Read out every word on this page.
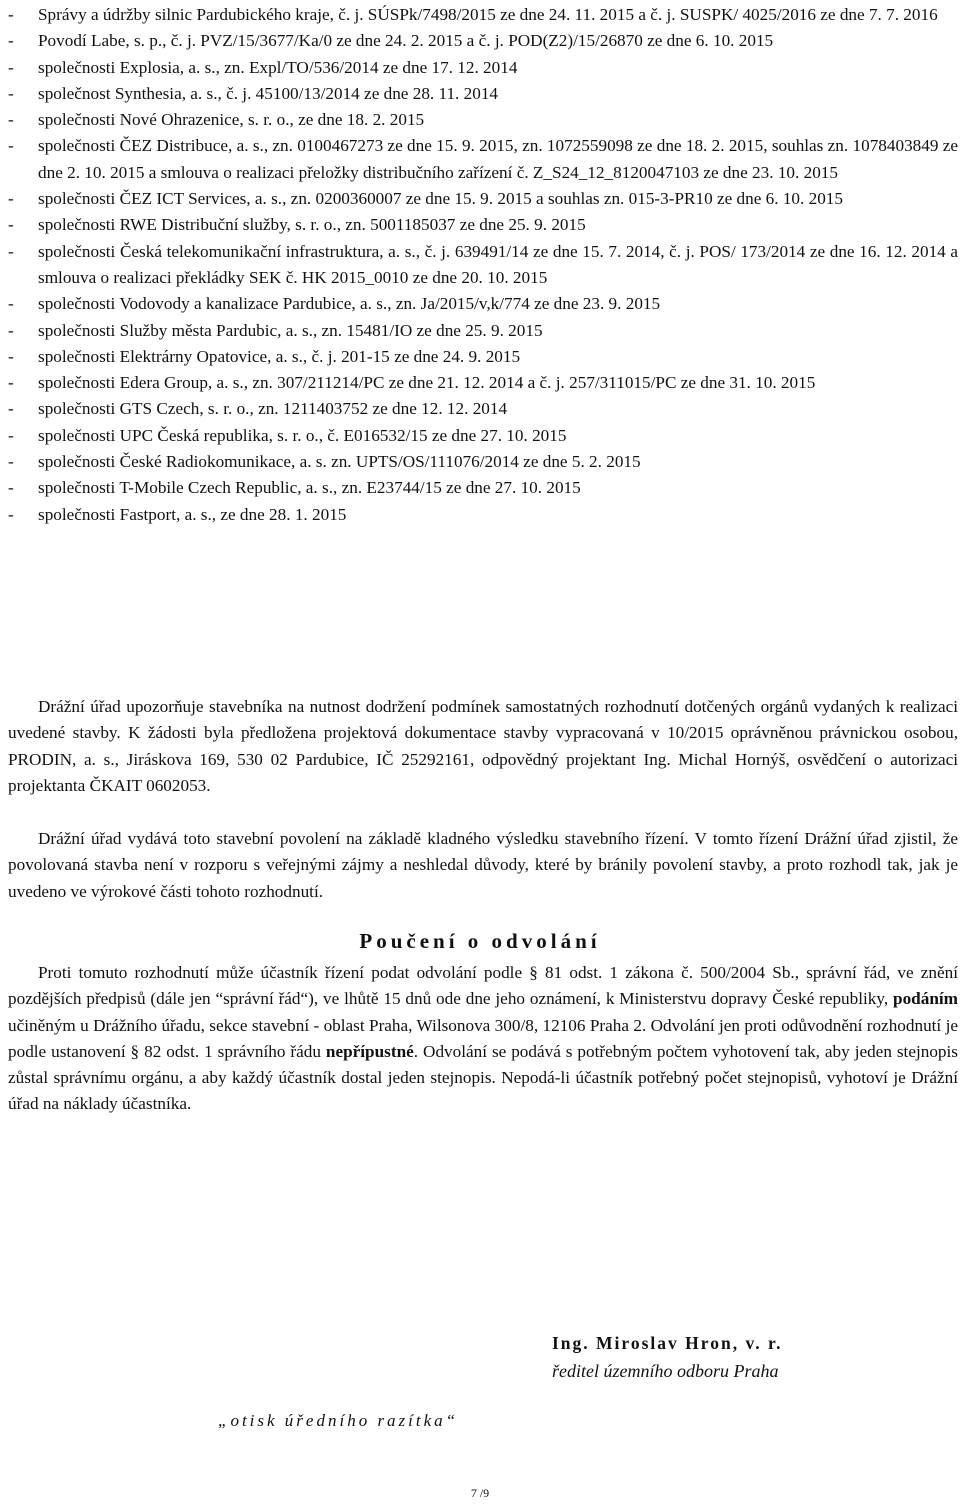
- Správy a údržby silnic Pardubického kraje, č. j. SÚSPk/7498/2015 ze dne 24. 11. 2015 a č. j. SUSPK/ 4025/2016 ze dne 7. 7. 2016
- Povodí Labe, s. p., č. j. PVZ/15/3677/Ka/0 ze dne 24. 2. 2015 a č. j. POD(Z2)/15/26870 ze dne 6. 10. 2015
- společnosti Explosia, a. s., zn. Expl/TO/536/2014 ze dne 17. 12. 2014
- společnost Synthesia, a. s., č. j. 45100/13/2014 ze dne 28. 11. 2014
- společnosti Nové Ohrazenice, s. r. o., ze dne 18. 2. 2015
- společnosti ČEZ Distribuce, a. s., zn. 0100467273 ze dne 15. 9. 2015, zn. 1072559098 ze dne 18. 2. 2015, souhlas zn. 1078403849 ze dne 2. 10. 2015 a smlouva o realizaci přeložky distribučního zařízení č. Z_S24_12_8120047103 ze dne 23. 10. 2015
- společnosti ČEZ ICT Services, a. s., zn. 0200360007 ze dne 15. 9. 2015 a souhlas zn. 015-3-PR10 ze dne 6. 10. 2015
- společnosti RWE Distribuční služby, s. r. o., zn. 5001185037 ze dne 25. 9. 2015
- společnosti Česká telekomunikační infrastruktura, a. s., č. j. 639491/14 ze dne 15. 7. 2014, č. j. POS/ 173/2014 ze dne 16. 12. 2014 a smlouva o realizaci překládky SEK č. HK 2015_0010 ze dne 20. 10. 2015
- společnosti Vodovody a kanalizace Pardubice, a. s., zn. Ja/2015/v,k/774 ze dne 23. 9. 2015
- společnosti Služby města Pardubic, a. s., zn. 15481/IO ze dne 25. 9. 2015
- společnosti Elektrárny Opatovice, a. s., č. j. 201-15 ze dne 24. 9. 2015
- společnosti Edera Group, a. s., zn. 307/211214/PC ze dne 21. 12. 2014 a č. j. 257/311015/PC ze dne 31. 10. 2015
- společnosti GTS Czech, s. r. o., zn. 1211403752 ze dne 12. 12. 2014
- společnosti UPC Česká republika, s. r. o., č. E016532/15 ze dne 27. 10. 2015
- společnosti České Radiokomunikace, a. s. zn. UPTS/OS/111076/2014 ze dne 5. 2. 2015
- společnosti T-Mobile Czech Republic, a. s., zn. E23744/15 ze dne 27. 10. 2015
- společnosti Fastport, a. s., ze dne 28. 1. 2015

Drážní úřad upozorňuje stavebníka na nutnost dodržení podmínek samostatných rozhodnutí dotčených orgánů vydaných k realizaci uvedené stavby. K žádosti byla předložena projektová dokumentace stavby vypracovaná v 10/2015 oprávněnou právnickou osobou, PRODIN, a. s., Jiráskova 169, 530 02 Pardubice, IČ 25292161, odpovědný projektant Ing. Michal Hornýš, osvědčení o autorizaci projektanta ČKAIT 0602053.

Drážní úřad vydává toto stavební povolení na základě kladného výsledku stavebního řízení. V tomto řízení Drážní úřad zjistil, že povolovaná stavba není v rozporu s veřejnými zájmy a neshledal důvody, které by bránily povolení stavby, a proto rozhodl tak, jak je uvedeno ve výrokové části tohoto rozhodnutí.

Poučení o odvolání

Proti tomuto rozhodnutí může účastník řízení podat odvolání podle § 81 odst. 1 zákona č. 500/2004 Sb., správní řád, ve znění pozdějších předpisů (dále jen “správní řád“), ve lhůtě 15 dnů ode dne jeho oznámení, k Ministerstvu dopravy České republiky, podáním učiněným u Drážního úřadu, sekce stavební - oblast Praha, Wilsonova 300/8, 12106 Praha 2. Odvolání jen proti odůvodnění rozhodnutí je podle ustanovení § 82 odst. 1 správního řádu nepřípustné. Odvolání se podává s potřebným počtem vyhotovení tak, aby jeden stejnopis zůstal správnímu orgánu, a aby každý účastník dostal jeden stejnopis. Nepodá-li účastník potřebný počet stejnopisů, vyhotoví je Drážní úřad na náklady účastníka.

Ing. Miroslav Hron, v. r.
ředitel územního odboru Praha
„otisk úředního razítka“
7 /9
